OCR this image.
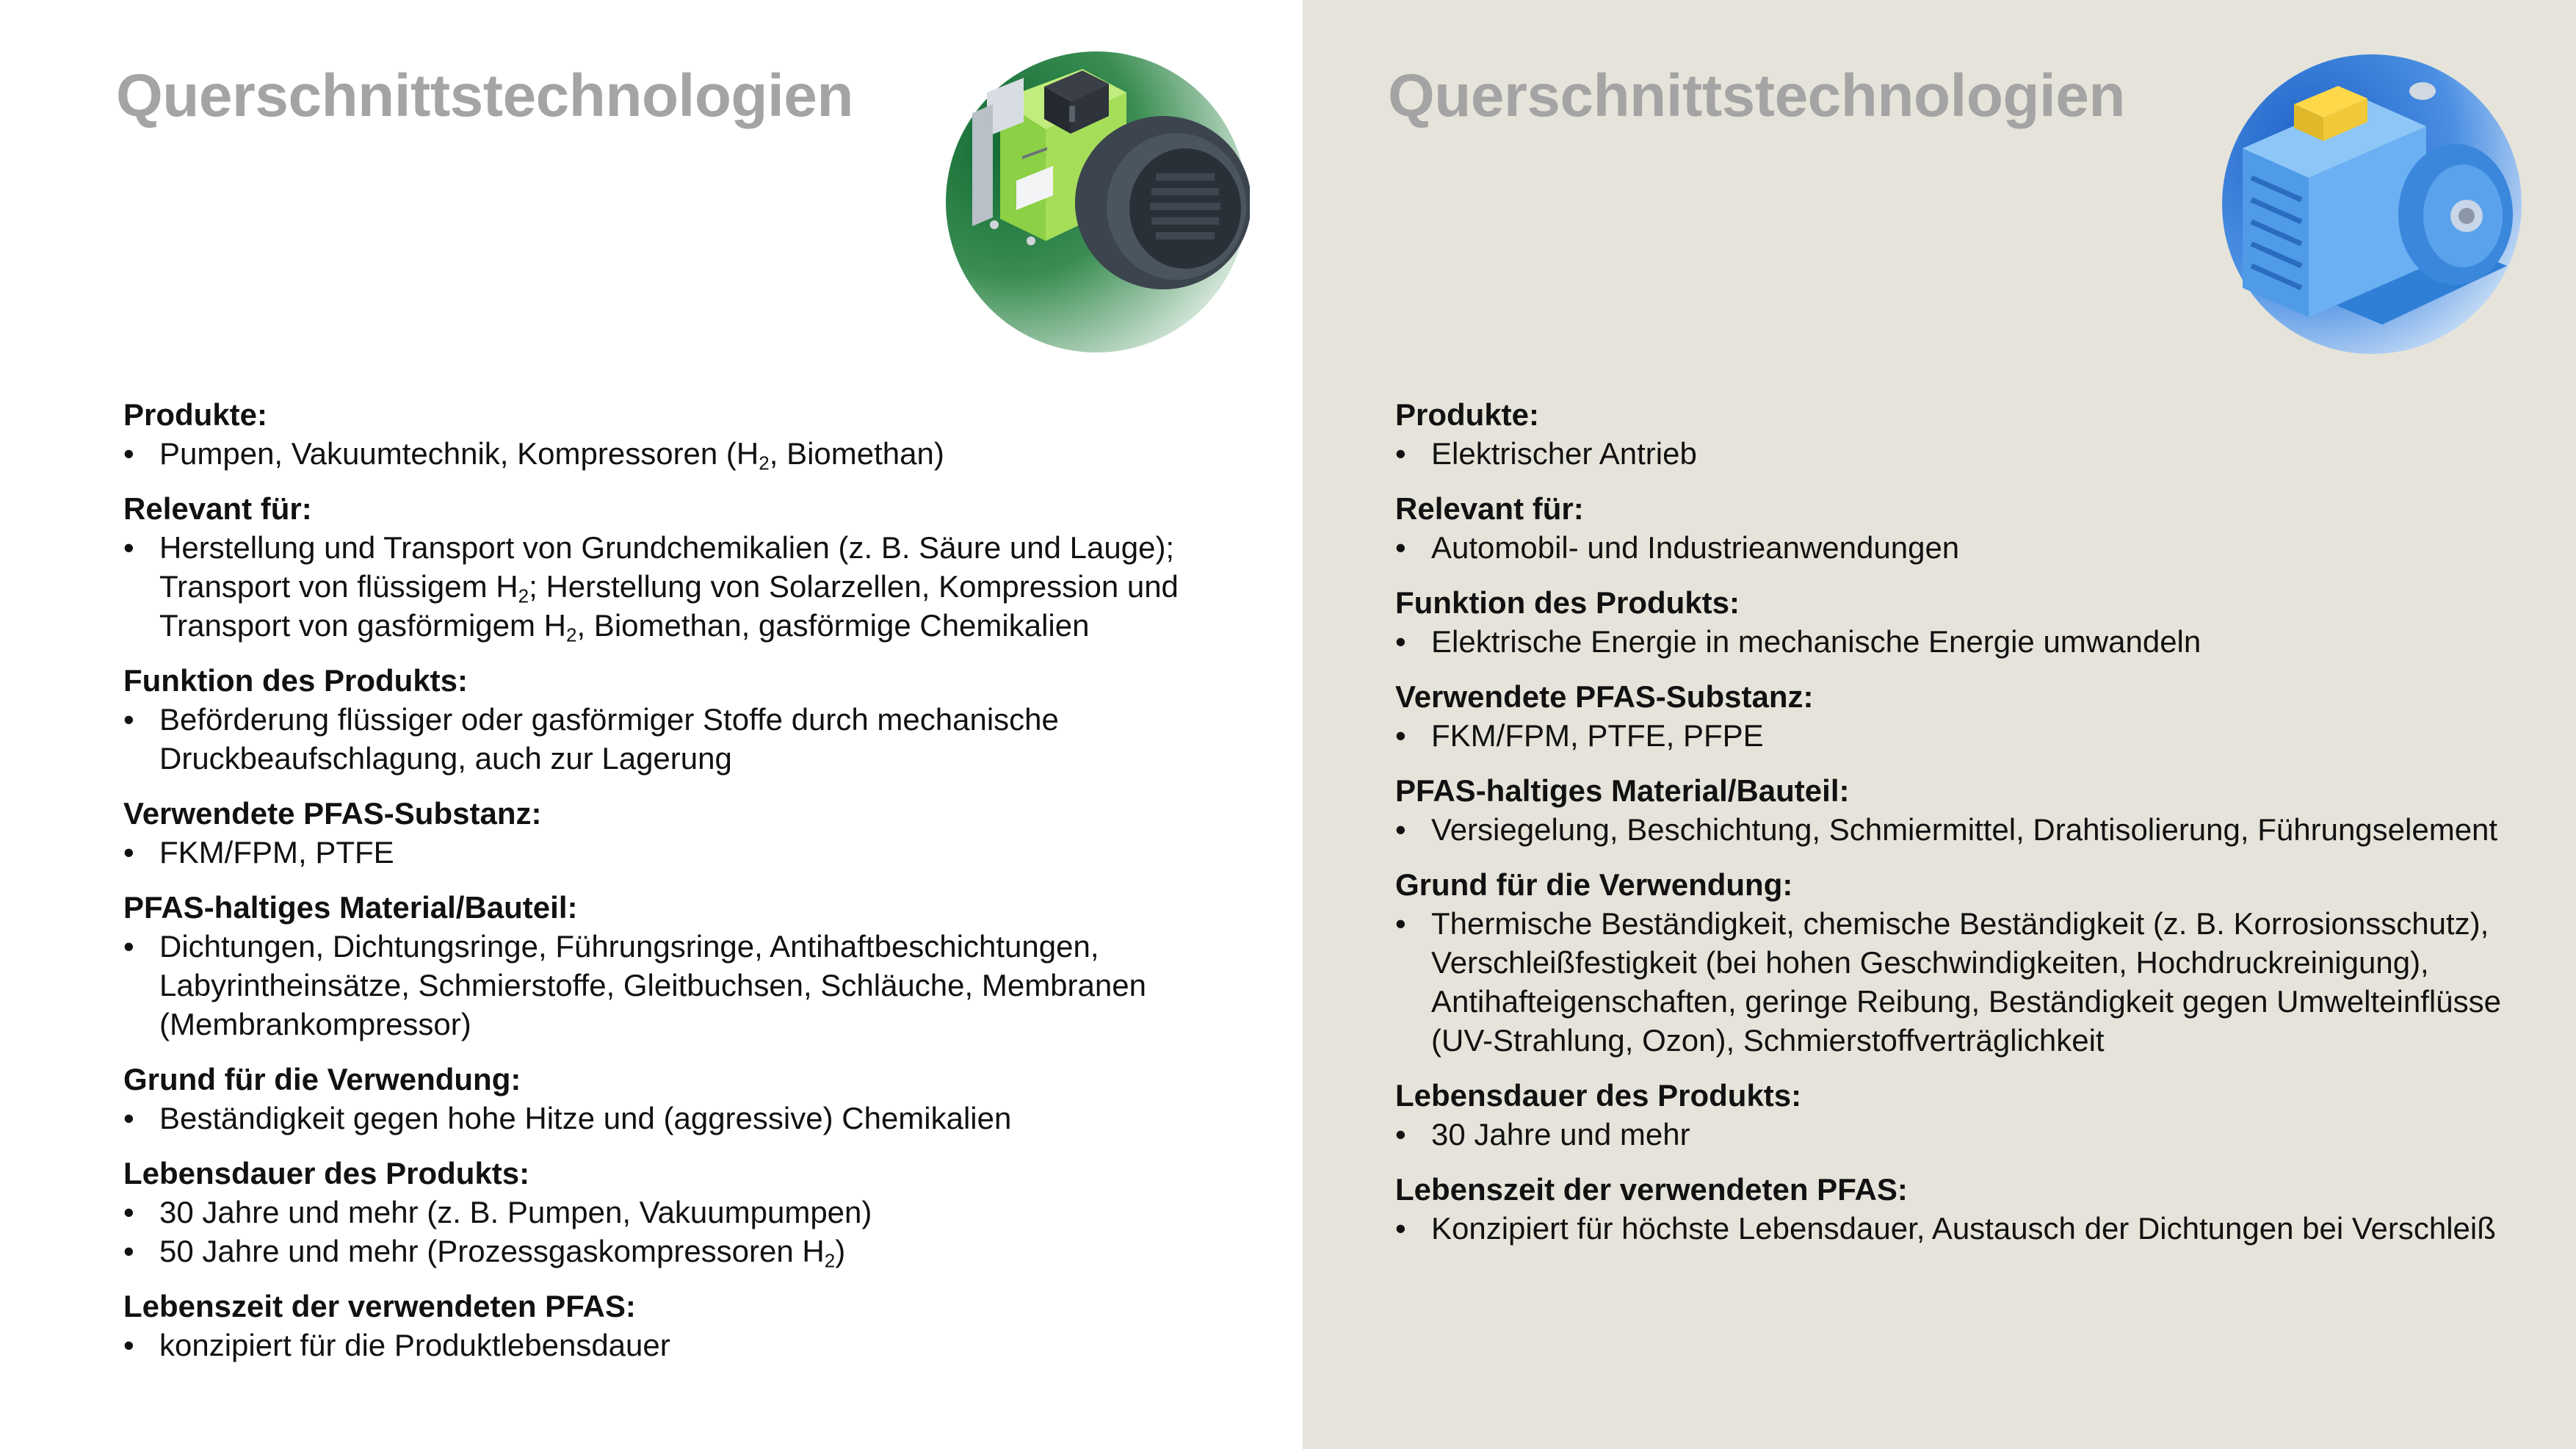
Querschnittstechnologien
Produkte:
• Pumpen, Vakuumtechnik, Kompressoren ($H_2$, Biomethan)
Relevant für:
• Herstellung und Transport von Grundchemikalien (z. B. Säure und Lauge); Transport von flüssigem $H_2$; Herstellung von Solarzellen, Kompression und Transport von gasförmigem $H_2$, Biomethan, gasförmige Chemikalien
Funktion des Produkts:
• Beförderung flüssiger oder gasförmiger Stoffe durch mechanische Druckbeaufschlagung, auch zur Lagerung
Verwendete PFAS-Substanz:
• FKM/FPM, PTFE
PFAS-haltiges Material/Bauteil:
• Dichtungen, Dichtungsringe, Führungsringe, Antihaftbeschichtungen, Labyrintheinsätze, Schmierstoffe, Gleitbuchsen, Schläuche, Membranen (Membrankompressor)
Grund für die Verwendung:
• Beständigkeit gegen hohe Hitze und (aggressive) Chemikalien
Lebensdauer des Produkts:
• 30 Jahre und mehr (z. B. Pumpen, Vakuumpumpen)
• 50 Jahre und mehr (Prozessgaskompressoren $H_2$)
Lebenszeit der verwendeten PFAS:
• konzipiert für die Produktlebensdauer
Querschnittstechnologien
Produkte:
• Elektrischer Antrieb
Relevant für:
• Automobil- und Industrieanwendungen
Funktion des Produkts:
• Elektrische Energie in mechanische Energie umwandeln
Verwendete PFAS-Substanz:
• FKM/FPM, PTFE, PFPE
PFAS-haltiges Material/Bauteil:
• Versiegelung, Beschichtung, Schmiermittel, Drahtisolierung, Führungselement
Grund für die Verwendung:
• Thermische Beständigkeit, chemische Beständigkeit (z. B. Korrosionsschutz), Verschleißfestigkeit (bei hohen Geschwindigkeiten, Hochdruckreinigung), Antihafteigenschaften, geringe Reibung, Beständigkeit gegen Umwelteinflüsse (UV-Strahlung, Ozon), Schmierstoffverträglichkeit
Lebensdauer des Produkts:
• 30 Jahre und mehr
Lebenszeit der verwendeten PFAS:
• Konzipiert für höchste Lebensdauer, Austausch der Dichtungen bei Verschleiß
